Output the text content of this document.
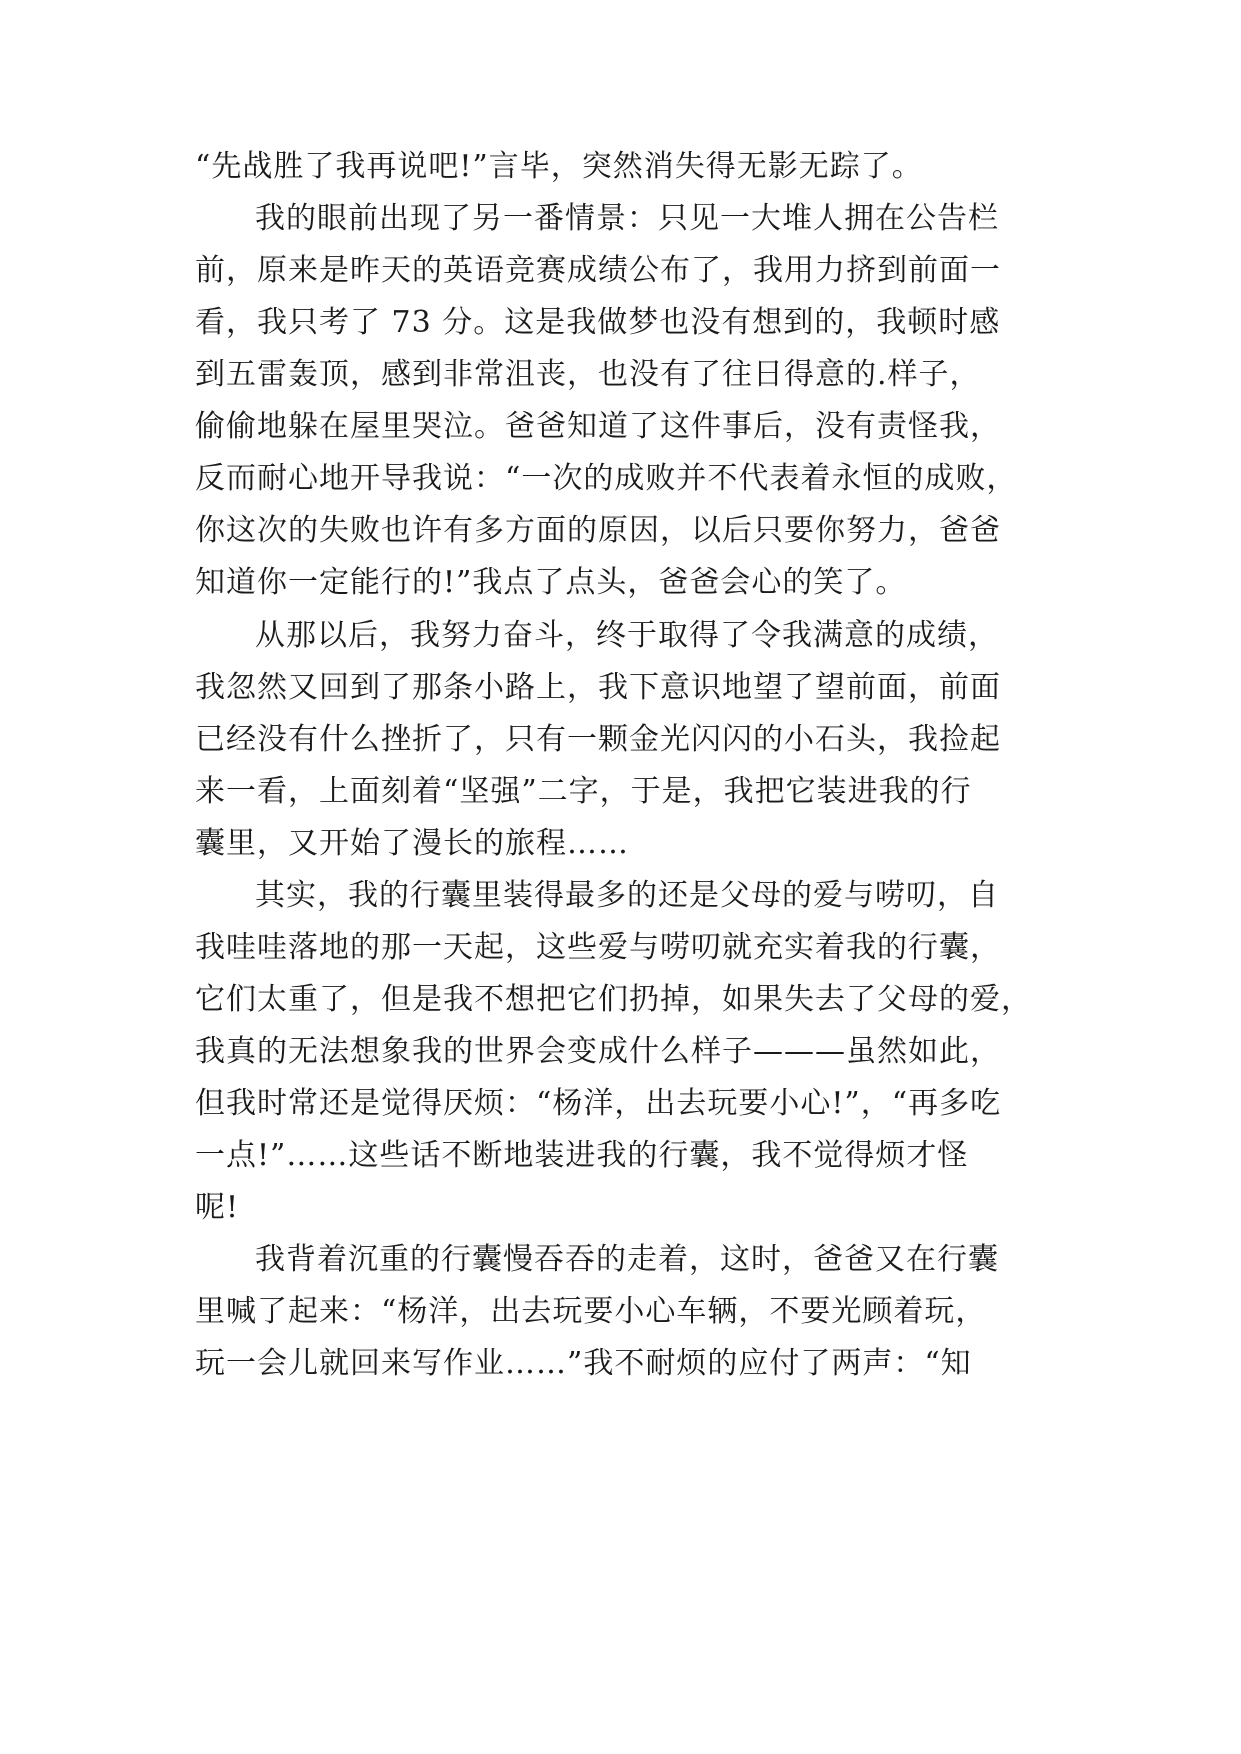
“先战胜了我再说吧!”言毕，突然消失得无影无踪了。
我的眼前出现了另一番情景：只见一大堆人拥在公告栏
前，原来是昨天的英语竞赛成绩公布了，我用力挤到前面一
看，我只考了 73 分。这是我做梦也没有想到的，我顿时感
到五雷轰顶，感到非常沮丧，也没有了往日得意的.样子，
偷偷地躲在屋里哭泣。爸爸知道了这件事后，没有责怪我，
反而耐心地开导我说：“一次的成败并不代表着永恒的成败，
你这次的失败也许有多方面的原因，以后只要你努力，爸爸
知道你一定能行的!”我点了点头，爸爸会心的笑了。
从那以后，我努力奋斗，终于取得了令我满意的成绩，
我忽然又回到了那条小路上，我下意识地望了望前面，前面
已经没有什么挫折了，只有一颗金光闪闪的小石头，我捡起
来一看，上面刻着“坚强”二字，于是，我把它装进我的行
囊里，又开始了漫长的旅程……
其实，我的行囊里装得最多的还是父母的爱与唠叨，自
我哇哇落地的那一天起，这些爱与唠叨就充实着我的行囊，
它们太重了，但是我不想把它们扔掉，如果失去了父母的爱，
我真的无法想象我的世界会变成什么样子———虽然如此，
但我时常还是觉得厌烦：“杨洋，出去玩要小心!”，“再多吃
一点!”……这些话不断地装进我的行囊，我不觉得烦才怪
呢!
我背着沉重的行囊慢吞吞的走着，这时，爸爸又在行囊
里喊了起来：“杨洋，出去玩要小心车辆，不要光顾着玩，
玩一会儿就回来写作业……”我不耐烦的应付了两声：“知
